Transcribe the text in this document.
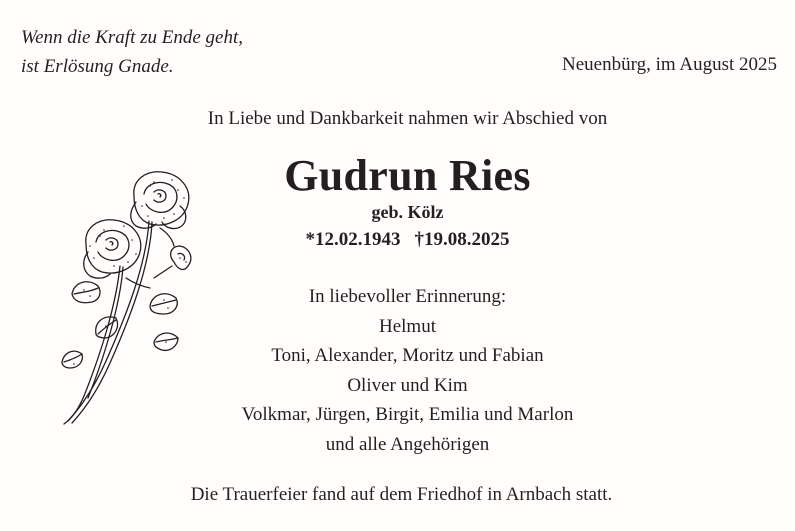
Wenn die Kraft zu Ende geht,
ist Erlösung Gnade.	Neuenbürg, im August 2025
In Liebe und Dankbarkeit nahmen wir Abschied von
Gudrun Ries
geb. Kölz
*12.02.1943 †19.08.2025
In liebevoller Erinnerung:
Helmut
Toni, Alexander, Moritz und Fabian
Oliver und Kim
Volkmar, Jürgen, Birgit, Emilia und Marlon
und alle Angehörigen
Die Trauerfeier fand auf dem Friedhof in Arnbach statt.
